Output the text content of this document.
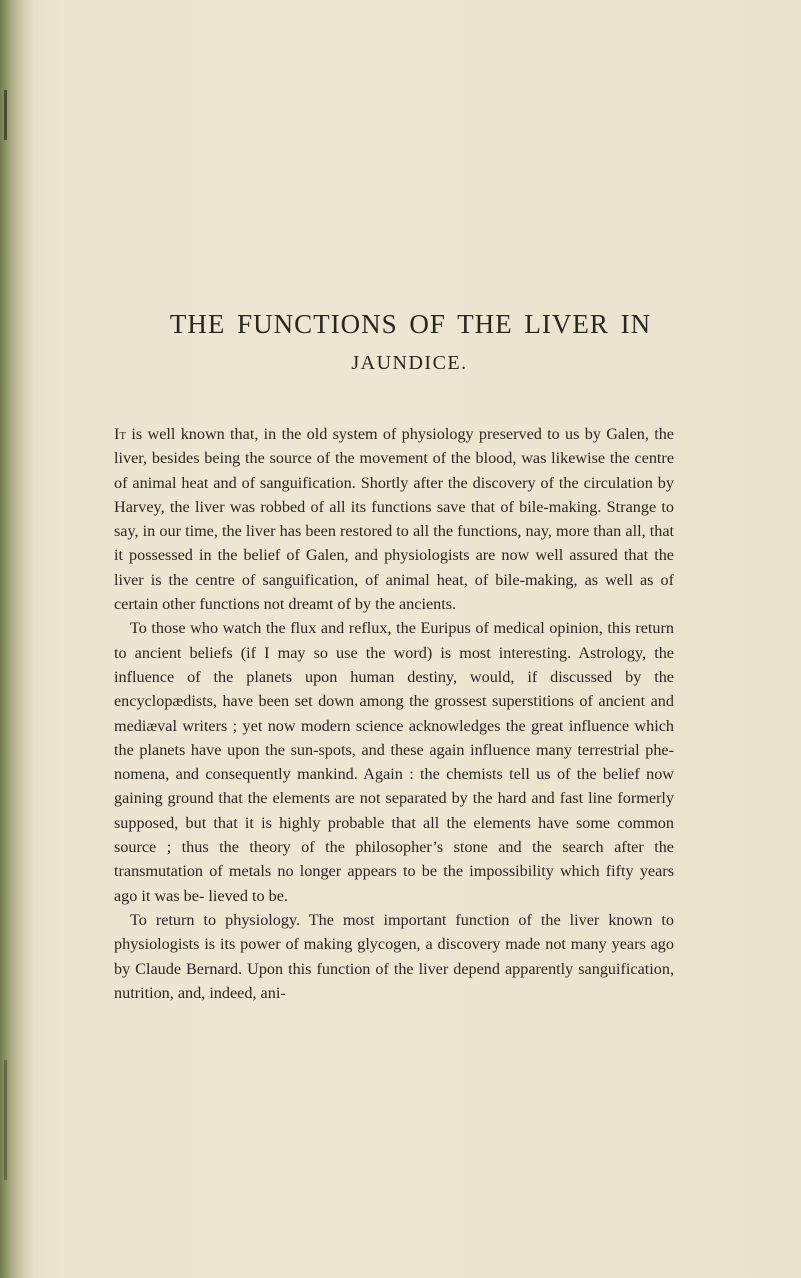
THE FUNCTIONS OF THE LIVER IN
JAUNDICE.

It is well known that, in the old system of physiology preserved to us by Galen, the liver, besides being the source of the movement of the blood, was likewise the centre of animal heat and of sanguification. Shortly after the discovery of the circulation by Harvey, the liver was robbed of all its functions save that of bile-making. Strange to say, in our time, the liver has been restored to all the functions, nay, more than all, that it possessed in the belief of Galen, and physiologists are now well assured that the liver is the centre of sanguification, of animal heat, of bile-making, as well as of certain other functions not dreamt of by the ancients.

To those who watch the flux and reflux, the Euripus of medical opinion, this return to ancient beliefs (if I may so use the word) is most interesting. Astrology, the influence of the planets upon human destiny, would, if discussed by the encyclopædists, have been set down among the grossest superstitions of ancient and mediæval writers ; yet now modern science acknowledges the great influence which the planets have upon the sun-spots, and these again influence many terrestrial phe- nomena, and consequently mankind. Again : the chemists tell us of the belief now gaining ground that the elements are not separated by the hard and fast line formerly supposed, but that it is highly probable that all the elements have some common source ; thus the theory of the philosopher’s stone and the search after the transmutation of metals no longer appears to be the impossibility which fifty years ago it was be- lieved to be.

To return to physiology. The most important function of the liver known to physiologists is its power of making glycogen, a discovery made not many years ago by Claude Bernard. Upon this function of the liver depend apparently sanguification, nutrition, and, indeed, ani-
